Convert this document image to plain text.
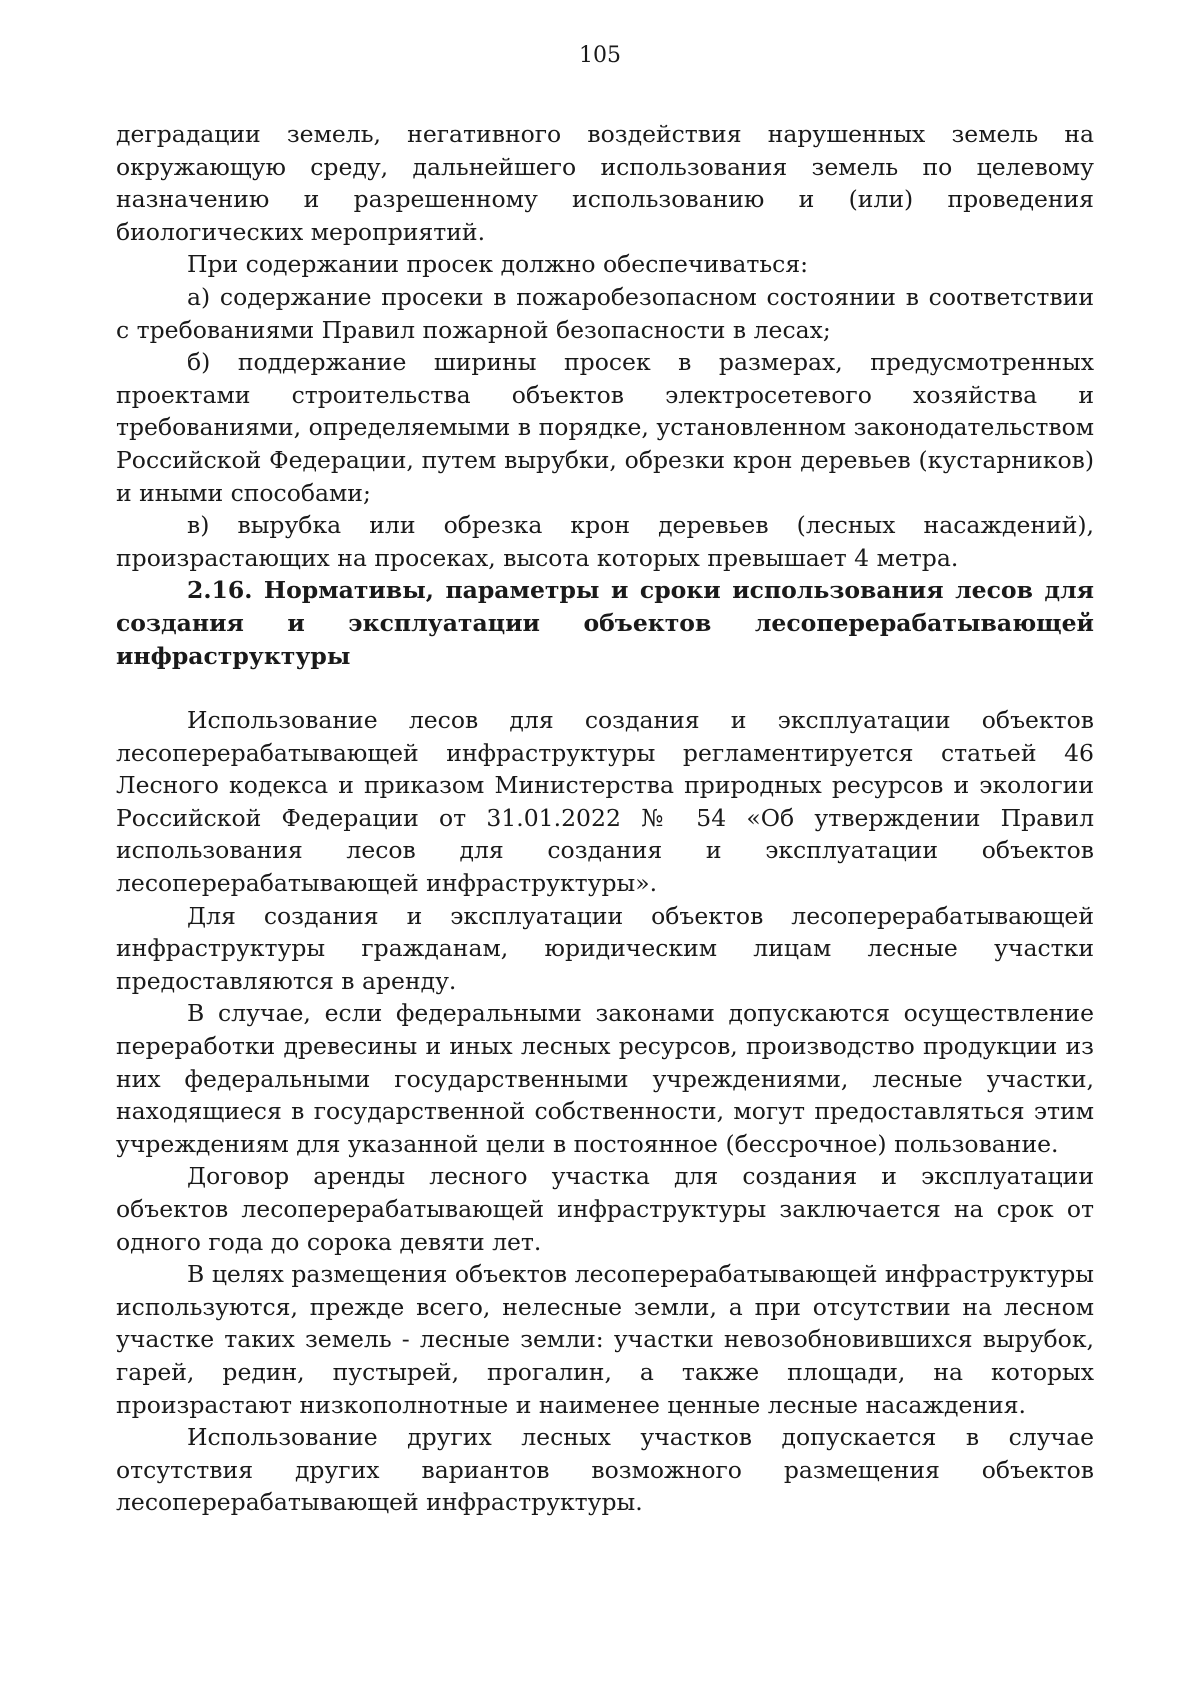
105

деградации земель, негативного воздействия нарушенных земель на окружающую среду, дальнейшего использования земель по целевому назначению и разрешенному использованию и (или) проведения биологических мероприятий.

При содержании просек должно обеспечиваться:

а) содержание просеки в пожаробезопасном состоянии в соответствии с требованиями Правил пожарной безопасности в лесах;

б) поддержание ширины просек в размерах, предусмотренных проектами строительства объектов электросетевого хозяйства и требованиями, определяемыми в порядке, установленном законодательством Российской Федерации, путем вырубки, обрезки крон деревьев (кустарников) и иными способами;

в) вырубка или обрезка крон деревьев (лесных насаждений), произрастающих на просеках, высота которых превышает 4 метра.

2.16. Нормативы, параметры и сроки использования лесов для создания и эксплуатации объектов лесоперерабатывающей инфраструктуры

Использование лесов для создания и эксплуатации объектов лесоперерабатывающей инфраструктуры регламентируется статьей 46 Лесного кодекса и приказом Министерства природных ресурсов и экологии Российской Федерации от 31.01.2022 № 54 «Об утверждении Правил использования лесов для создания и эксплуатации объектов лесоперерабатывающей инфраструктуры».

Для создания и эксплуатации объектов лесоперерабатывающей инфраструктуры гражданам, юридическим лицам лесные участки предоставляются в аренду.

В случае, если федеральными законами допускаются осуществление переработки древесины и иных лесных ресурсов, производство продукции из них федеральными государственными учреждениями, лесные участки, находящиеся в государственной собственности, могут предоставляться этим учреждениям для указанной цели в постоянное (бессрочное) пользование.

Договор аренды лесного участка для создания и эксплуатации объектов лесоперерабатывающей инфраструктуры заключается на срок от одного года до сорока девяти лет.

В целях размещения объектов лесоперерабатывающей инфраструктуры используются, прежде всего, нелесные земли, а при отсутствии на лесном участке таких земель - лесные земли: участки невозобновившихся вырубок, гарей, редин, пустырей, прогалин, а также площади, на которых произрастают низкополнотные и наименее ценные лесные насаждения.

Использование других лесных участков допускается в случае отсутствия других вариантов возможного размещения объектов лесоперерабатывающей инфраструктуры.
